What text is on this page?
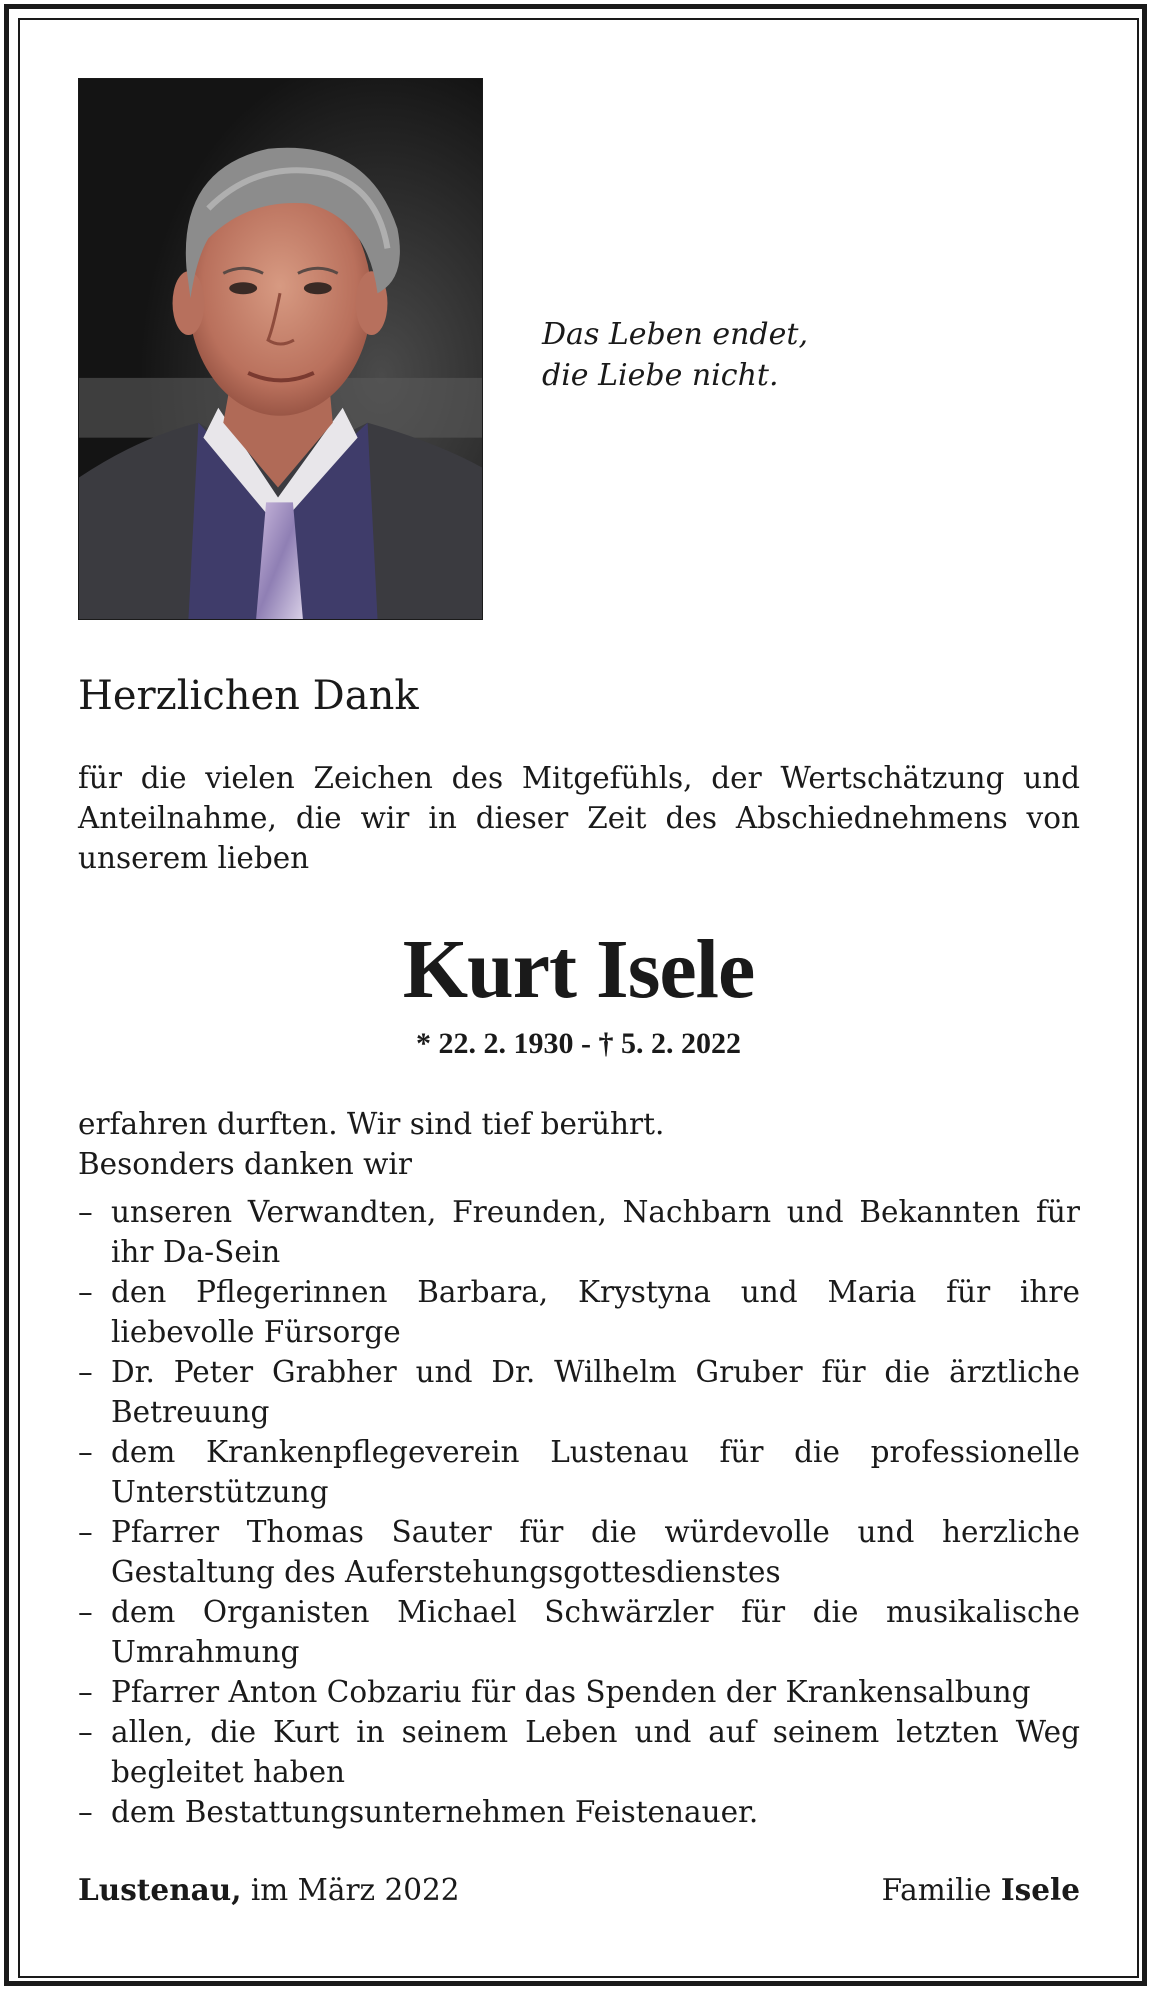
Das Leben endet,
die Liebe nicht.
Herzlichen Dank

für die vielen Zeichen des Mitgefühls, der Wertschätzung und Anteilnahme, die wir in dieser Zeit des Abschiednehmens von unserem lieben

Kurt Isele
* 22. 2. 1930 - † 5. 2. 2022
erfahren durften. Wir sind tief berührt.
Besonders danken wir
– unseren Verwandten, Freunden, Nachbarn und Bekannten für ihr Da-Sein
– den Pflegerinnen Barbara, Krystyna und Maria für ihre liebevolle Fürsorge
– Dr. Peter Grabher und Dr. Wilhelm Gruber für die ärztliche Betreuung
– dem Krankenpflegeverein Lustenau für die professionelle Unterstützung
– Pfarrer Thomas Sauter für die würdevolle und herzliche Gestaltung des Auferstehungsgottesdienstes
– dem Organisten Michael Schwärzler für die musikalische Umrahmung
– Pfarrer Anton Cobzariu für das Spenden der Krankensalbung
– allen, die Kurt in seinem Leben und auf seinem letzten Weg begleitet haben
– dem Bestattungsunternehmen Feistenauer.
Lustenau, im März 2022	Familie Isele
